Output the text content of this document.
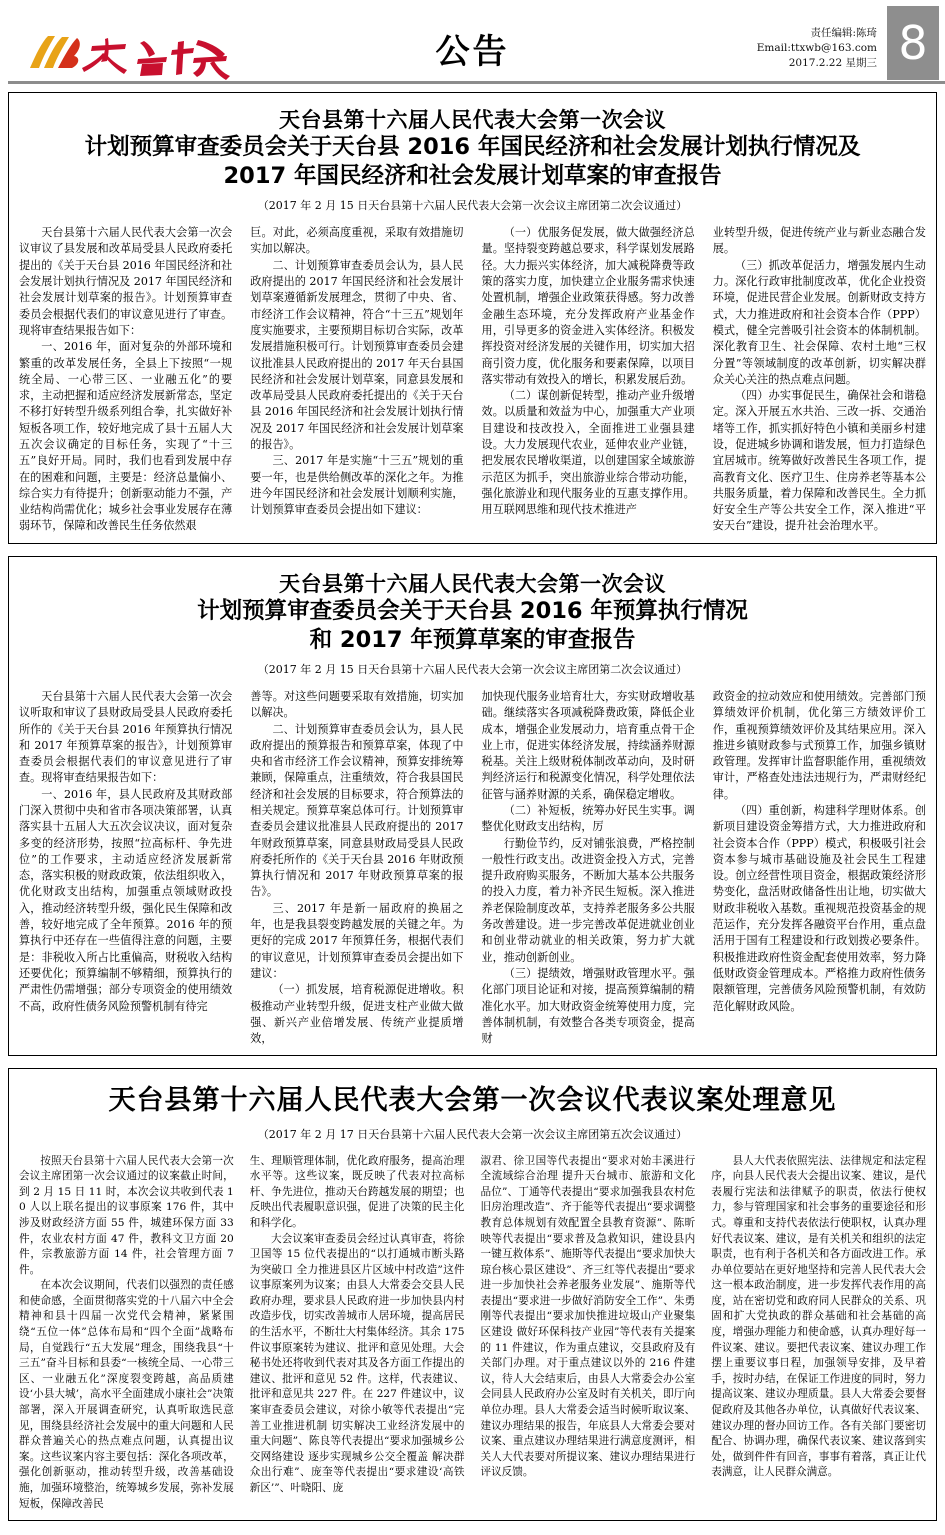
公告	责任编辑:陈琦
Email:ttxwb@163.com
2017.2.22 星期三 8
天台县第十六届人民代表大会第一次会议
计划预算审查委员会关于天台县 2016 年国民经济和社会发展计划执行情况及
2017 年国民经济和社会发展计划草案的审查报告
（2017 年 2 月 15 日天台县第十六届人民代表大会第一次会议主席团第二次会议通过）

天台县第十六届人民代表大会第一次会议审议了县发展和改革局受县人民政府委托提出的《关于天台县 2016 年国民经济和社会发展计划执行情况及 2017 年国民经济和社会发展计划草案的报告》。计划预算审查委员会根据代表们的审议意见进行了审查。现将审查结果报告如下：

一、2016 年，面对复杂的外部环境和繁重的改革发展任务，全县上下按照“一规统全局、一心带三区、一业融五化”的要求，主动把握和适应经济发展新常态，坚定不移打好转型升级系列组合拳，扎实做好补短板各项工作，较好地完成了县十五届人大五次会议确定的目标任务，实现了“十三五”良好开局。同时，我们也看到发展中存在的困难和问题，主要是：经济总量偏小、综合实力有待提升；创新驱动能力不强，产业结构尚需优化；城乡社会事业发展存在薄弱环节，保障和改善民生任务依然艰

巨。对此，必须高度重视，采取有效措施切实加以解决。

二、计划预算审查委员会认为，县人民政府提出的 2017 年国民经济和社会发展计划草案遵循新发展理念，贯彻了中央、省、市经济工作会议精神，符合“十三五”规划年度实施要求，主要预期目标切合实际，改革发展措施积极可行。计划预算审查委员会建议批准县人民政府提出的 2017 年天台县国民经济和社会发展计划草案，同意县发展和改革局受县人民政府委托提出的《关于天台县 2016 年国民经济和社会发展计划执行情况及 2017 年国民经济和社会发展计划草案的报告》。

三、2017 年是实施“十三五”规划的重要一年，也是供给侧改革的深化之年。为推进今年国民经济和社会发展计划顺利实施，计划预算审查委员会提出如下建议：

（一）优服务促发展，做大做强经济总量。坚持裂变跨越总要求，科学谋划发展路径。大力振兴实体经济，加大减税降费等政策的落实力度，加快建立企业服务需求快速处置机制，增强企业政策获得感。努力改善金融生态环境，充分发挥政府产业基金作用，引导更多的资金进入实体经济。积极发挥投资对经济发展的关键作用，切实加大招商引资力度，优化服务和要素保障，以项目落实带动有效投入的增长，积累发展后劲。

（二）谋创新促转型，推动产业升级增效。以质量和效益为中心，加强重大产业项目建设和技改投入，全面推进工业强县建设。大力发展现代农业，延伸农业产业链，把发展农民增收渠道，以创建国家全域旅游示范区为抓手，突出旅游业综合带动功能，强化旅游业和现代服务业的互惠支撑作用。用互联网思维和现代技术推进产

业转型升级，促进传统产业与新业态融合发展。

（三）抓改革促活力，增强发展内生动力。深化行政审批制度改革，优化企业投资环境，促进民营企业发展。创新财政支持方式，大力推进政府和社会资本合作（PPP）模式，健全完善吸引社会资本的体制机制。深化教育卫生、社会保障、农村土地“三权分置”等领域制度的改革创新，切实解决群众关心关注的热点难点问题。

（四）办实事促民生，确保社会和谐稳定。深入开展五水共治、三改一拆、交通治堵等工作，抓实抓好特色小镇和美丽乡村建设，促进城乡协调和谐发展，恒力打造绿色宜居城市。统筹做好改善民生各项工作，提高教育文化、医疗卫生、住房养老等基本公共服务质量，着力保障和改善民生。全力抓好安全生产等公共安全工作，深入推进“平安天台”建设，提升社会治理水平。

天台县第十六届人民代表大会第一次会议
计划预算审查委员会关于天台县 2016 年预算执行情况
和 2017 年预算草案的审查报告
（2017 年 2 月 15 日天台县第十六届人民代表大会第一次会议主席团第二次会议通过）

天台县第十六届人民代表大会第一次会议听取和审议了县财政局受县人民政府委托所作的《关于天台县 2016 年预算执行情况和 2017 年预算草案的报告》，计划预算审查委员会根据代表们的审议意见进行了审查。现将审查结果报告如下：

一、2016 年，县人民政府及其财政部门深入贯彻中央和省市各项决策部署，认真落实县十五届人大五次会议决议，面对复杂多变的经济形势，按照“拉高标杆、争先进位”的工作要求，主动适应经济发展新常态，落实积极的财政政策，依法组织收入，优化财政支出结构，加强重点领域财政投入，推动经济转型升级，强化民生保障和改善，较好地完成了全年预算。2016 年的预算执行中还存在一些值得注意的问题，主要是：非税收入所占比重偏高，财税收入结构还要优化；预算编制不够精细，预算执行的严肃性仍需增强；部分专项资金的使用绩效不高，政府性债务风险预警机制有待完

善等。对这些问题要采取有效措施，切实加以解决。

二、计划预算审查委员会认为，县人民政府提出的预算报告和预算草案，体现了中央和省市经济工作会议精神，预算安排统筹兼顾，保障重点，注重绩效，符合我县国民经济和社会发展的目标要求，符合预算法的相关规定。预算草案总体可行。计划预算审查委员会建议批准县人民政府提出的 2017 年财政预算草案，同意县财政局受县人民政府委托所作的《关于天台县 2016 年财政预算执行情况和 2017 年财政预算草案的报告》。

三、2017 年是新一届政府的换届之年，也是我县裂变跨越发展的关键之年。为更好的完成 2017 年预算任务，根据代表们的审议意见，计划预算审查委员会提出如下建议：

（一）抓发展，培育税源促进增收。积极推动产业转型升级，促进支柱产业做大做强、新兴产业倍增发展、传统产业提质增效，

加快现代服务业培育壮大，夯实财政增收基础。继续落实各项减税降费政策，降低企业成本，增强企业发展动力，培育重点骨干企业上市，促进实体经济发展，持续涵养财源税基。关注上级财税体制改革动向，及时研判经济运行和税源变化情况，科学处理依法征管与涵养财源的关系，确保稳定增收。

（二）补短板，统筹办好民生实事。调整优化财政支出结构，厉

行勤俭节约，反对铺张浪费，严格控制一般性行政支出。改进资金投入方式，完善提升政府购买服务，不断加大基本公共服务的投入力度，着力补齐民生短板。深入推进养老保险制度改革，支持养老服务多公共服务改善建设。进一步完善改革促进就业创业和创业带动就业的相关政策，努力扩大就业，推动创新创业。

（三）提绩效，增强财政管理水平。强化部门项目论证和对接，提高预算编制的精准化水平。加大财政资金统筹使用力度，完善体制机制，有效整合各类专项资金，提高财

政资金的拉动效应和使用绩效。完善部门预算绩效评价机制，优化第三方绩效评价工作，重视预算绩效评价及其结果应用。深入推进乡镇财政参与式预算工作，加强乡镇财政管理。发挥审计监督职能作用，重视绩效审计，严格查处违法违规行为，严肃财经纪律。

（四）重创新，构建科学理财体系。创新项目建设资金筹措方式，大力推进政府和社会资本合作（PPP）模式，积极吸引社会资本参与城市基础设施及社会民生工程建设。创立经营性项目资金，根据政策经济形势变化，盘活财政储备性出让地，切实做大财政非税收入基数。重视规范投资基金的规范运作，充分发挥各融资平台作用，重点盘活用于国有工程建设和行政划拨必要条件。积极推进政府性资金配套使用效率，努力降低财政资金管理成本。严格推力政府性债务限额管理，完善债务风险预警机制，有效防范化解财政风险。

天台县第十六届人民代表大会第一次会议代表议案处理意见
（2017 年 2 月 17 日天台县第十六届人民代表大会第一次会议主席团第五次会议通过）

按照天台县第十六届人民代表大会第一次会议主席团第一次会议通过的议案截止时间，到 2 月 15 日 11 时，本次会议共收到代表 10 人以上联名提出的议事原案 176 件，其中涉及财政经济方面 55 件，城建环保方面 33 件，农业农村方面 47 件，教科文卫方面 20 件，宗教旅游方面 14 件，社会管理方面 7 件。

在本次会议期间，代表们以强烈的责任感和使命感，全面贯彻落实党的十八届六中全会精神和县十四届一次党代会精神，紧紧围绕“五位一体”总体布局和“四个全面”战略布局，自觉践行“五大发展”理念，围绕我县“十三五”奋斗目标和县委“一核统全局、一心带三区、一业融五化”深度裂变跨越，高品质建设‘小县大城’，高水平全面建成小康社会”决策部署，深入开展调查研究，认真听取选民意见，围绕县经济社会发展中的重大问题和人民群众普遍关心的热点难点问题，认真提出议案。这些议案内容主要包括：深化各项改革，强化创新驱动，推动转型升级，改善基础设施，加强环境整治，统筹城乡发展，弥补发展短板，保障改善民

生、理顺管理体制，优化政府服务，提高治理水平等。这些议案，既反映了代表对拉高标杆、争先进位，推动天台跨越发展的期望；也反映出代表履职意识强，促进了决策的民主化和科学化。

大会议案审查委员会经过认真审查，将徐卫国等 15 位代表提出的“以打通城市断头路为突破口 全力推进县区片区域中村改造”这件议事原案列为议案；由县人大常委会交县人民政府办理，要求县人民政府进一步加快县内村改造步伐，切实改善城市人居环境，提高居民的生活水平，不断壮大村集体经济。其余 175 件议事原案转为建议、批评和意见处理。大会秘书处还将收到代表对其及各方面工作提出的建议、批评和意见 52 件。这样，代表建议、批评和意见共 227 件。在 227 件建议中，议案审查委员会建议，对徐小敏等代表提出“完善工业推进机制 切实解决工业经济发展中的重大问题”、陈良等代表提出“要求加强城乡公交网络建设 逐步实现城乡公交全覆盖 解决群众出行难”、庞奎等代表提出“要求建设‘高铁新区’”、叶晓阳、庞

淑君、徐卫国等代表提出“要求对始丰溪进行全流域综合治理 提升天台城市、旅游和文化品位”、丁通等代表提出“要求加强我县农村危旧房治理改造”、齐于能等代表提出“要求调整教育总体规划有效配置全县教育资源”、陈昕映等代表提出“要求普及急救知识，建设县内一键互救体系”、施斯等代表提出“要求加快大琼台核心景区建设”、齐三红等代表提出“要求进一步加快社会养老服务业发展”、施斯等代表提出“要求进一步做好消防安全工作”、朱勇刚等代表提出“要求加快推进垃圾山产业聚集区建设 做好环保科技产业园”等代表有关提案的 11 件建议，作为重点建议，交县政府及有关部门办理。对于重点建议以外的 216 件建议，待人大会结束后，由县人大常委会办公室会同县人民政府办公室及时有关机关，即厅向单位办理。县人大常委会适当时候听取议案、建议办理结果的报告，年底县人大常委会要对议案、重点建议办理结果进行满意度测评，相关人大代表要对所提议案、建议办理结果进行评议反馈。

县人大代表依照宪法、法律规定和法定程序，向县人民代表大会提出议案、建议，是代表履行宪法和法律赋予的职责，依法行使权力，参与管理国家和社会事务的重要途径和形式。尊重和支持代表依法行使职权，认真办理好代表议案、建议，是有关机关和组织的法定职责，也有利于各机关和各方面改进工作。承办单位要站在更好地坚持和完善人民代表大会这一根本政治制度，进一步发挥代表作用的高度，站在密切党和政府同人民群众的关系、巩固和扩大党执政的群众基础和社会基础的高度，增强办理能力和使命感，认真办理好每一件议案、建议。要把代表议案、建议办理工作摆上重要议事日程，加强领导安排，及早着手，按时办结，在保证工作进度的同时，努力提高议案、建议办理质量。县人大常委会要督促政府及其他各办单位，认真做好代表议案、建议办理的督办回访工作。各有关部门要密切配合、协调办理，确保代表议案、建议落到实处，做到件件有回音，事事有着落，真正让代表满意，让人民群众满意。
